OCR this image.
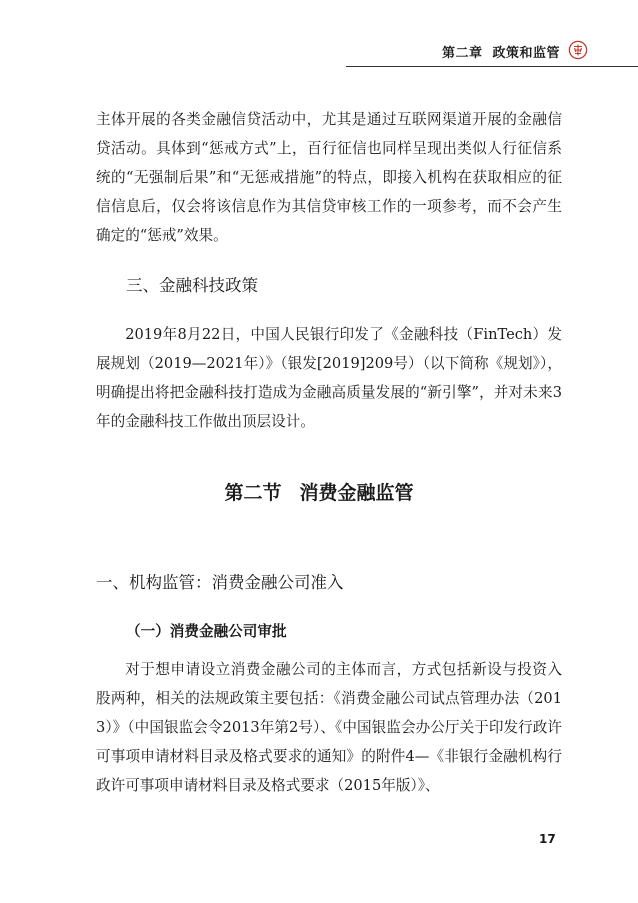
第二章 政策和监管

主体开展的各类金融信贷活动中，尤其是通过互联网渠道开展的金融信贷活动。具体到“惩戒方式”上，百行征信也同样呈现出类似人行征信系统的“无强制后果”和“无惩戒措施”的特点，即接入机构在获取相应的征信信息后，仅会将该信息作为其信贷审核工作的一项参考，而不会产生确定的“惩戒”效果。

三、金融科技政策

2019年8月22日，中国人民银行印发了《金融科技（FinTech）发展规划（2019—2021年）》（银发[2019]209号）（以下简称《规划》），明确提出将把金融科技打造成为金融高质量发展的“新引擎”，并对未来3年的金融科技工作做出顶层设计。

第二节 消费金融监管
一、机构监管：消费金融公司准入
（一）消费金融公司审批

对于想申请设立消费金融公司的主体而言，方式包括新设与投资入股两种，相关的法规政策主要包括：《消费金融公司试点管理办法（2013）》（中国银监会令2013年第2号）、《中国银监会办公厅关于印发行政许可事项申请材料目录及格式要求的通知》的附件4—《非银行金融机构行政许可事项申请材料目录及格式要求（2015年版）》、

17
